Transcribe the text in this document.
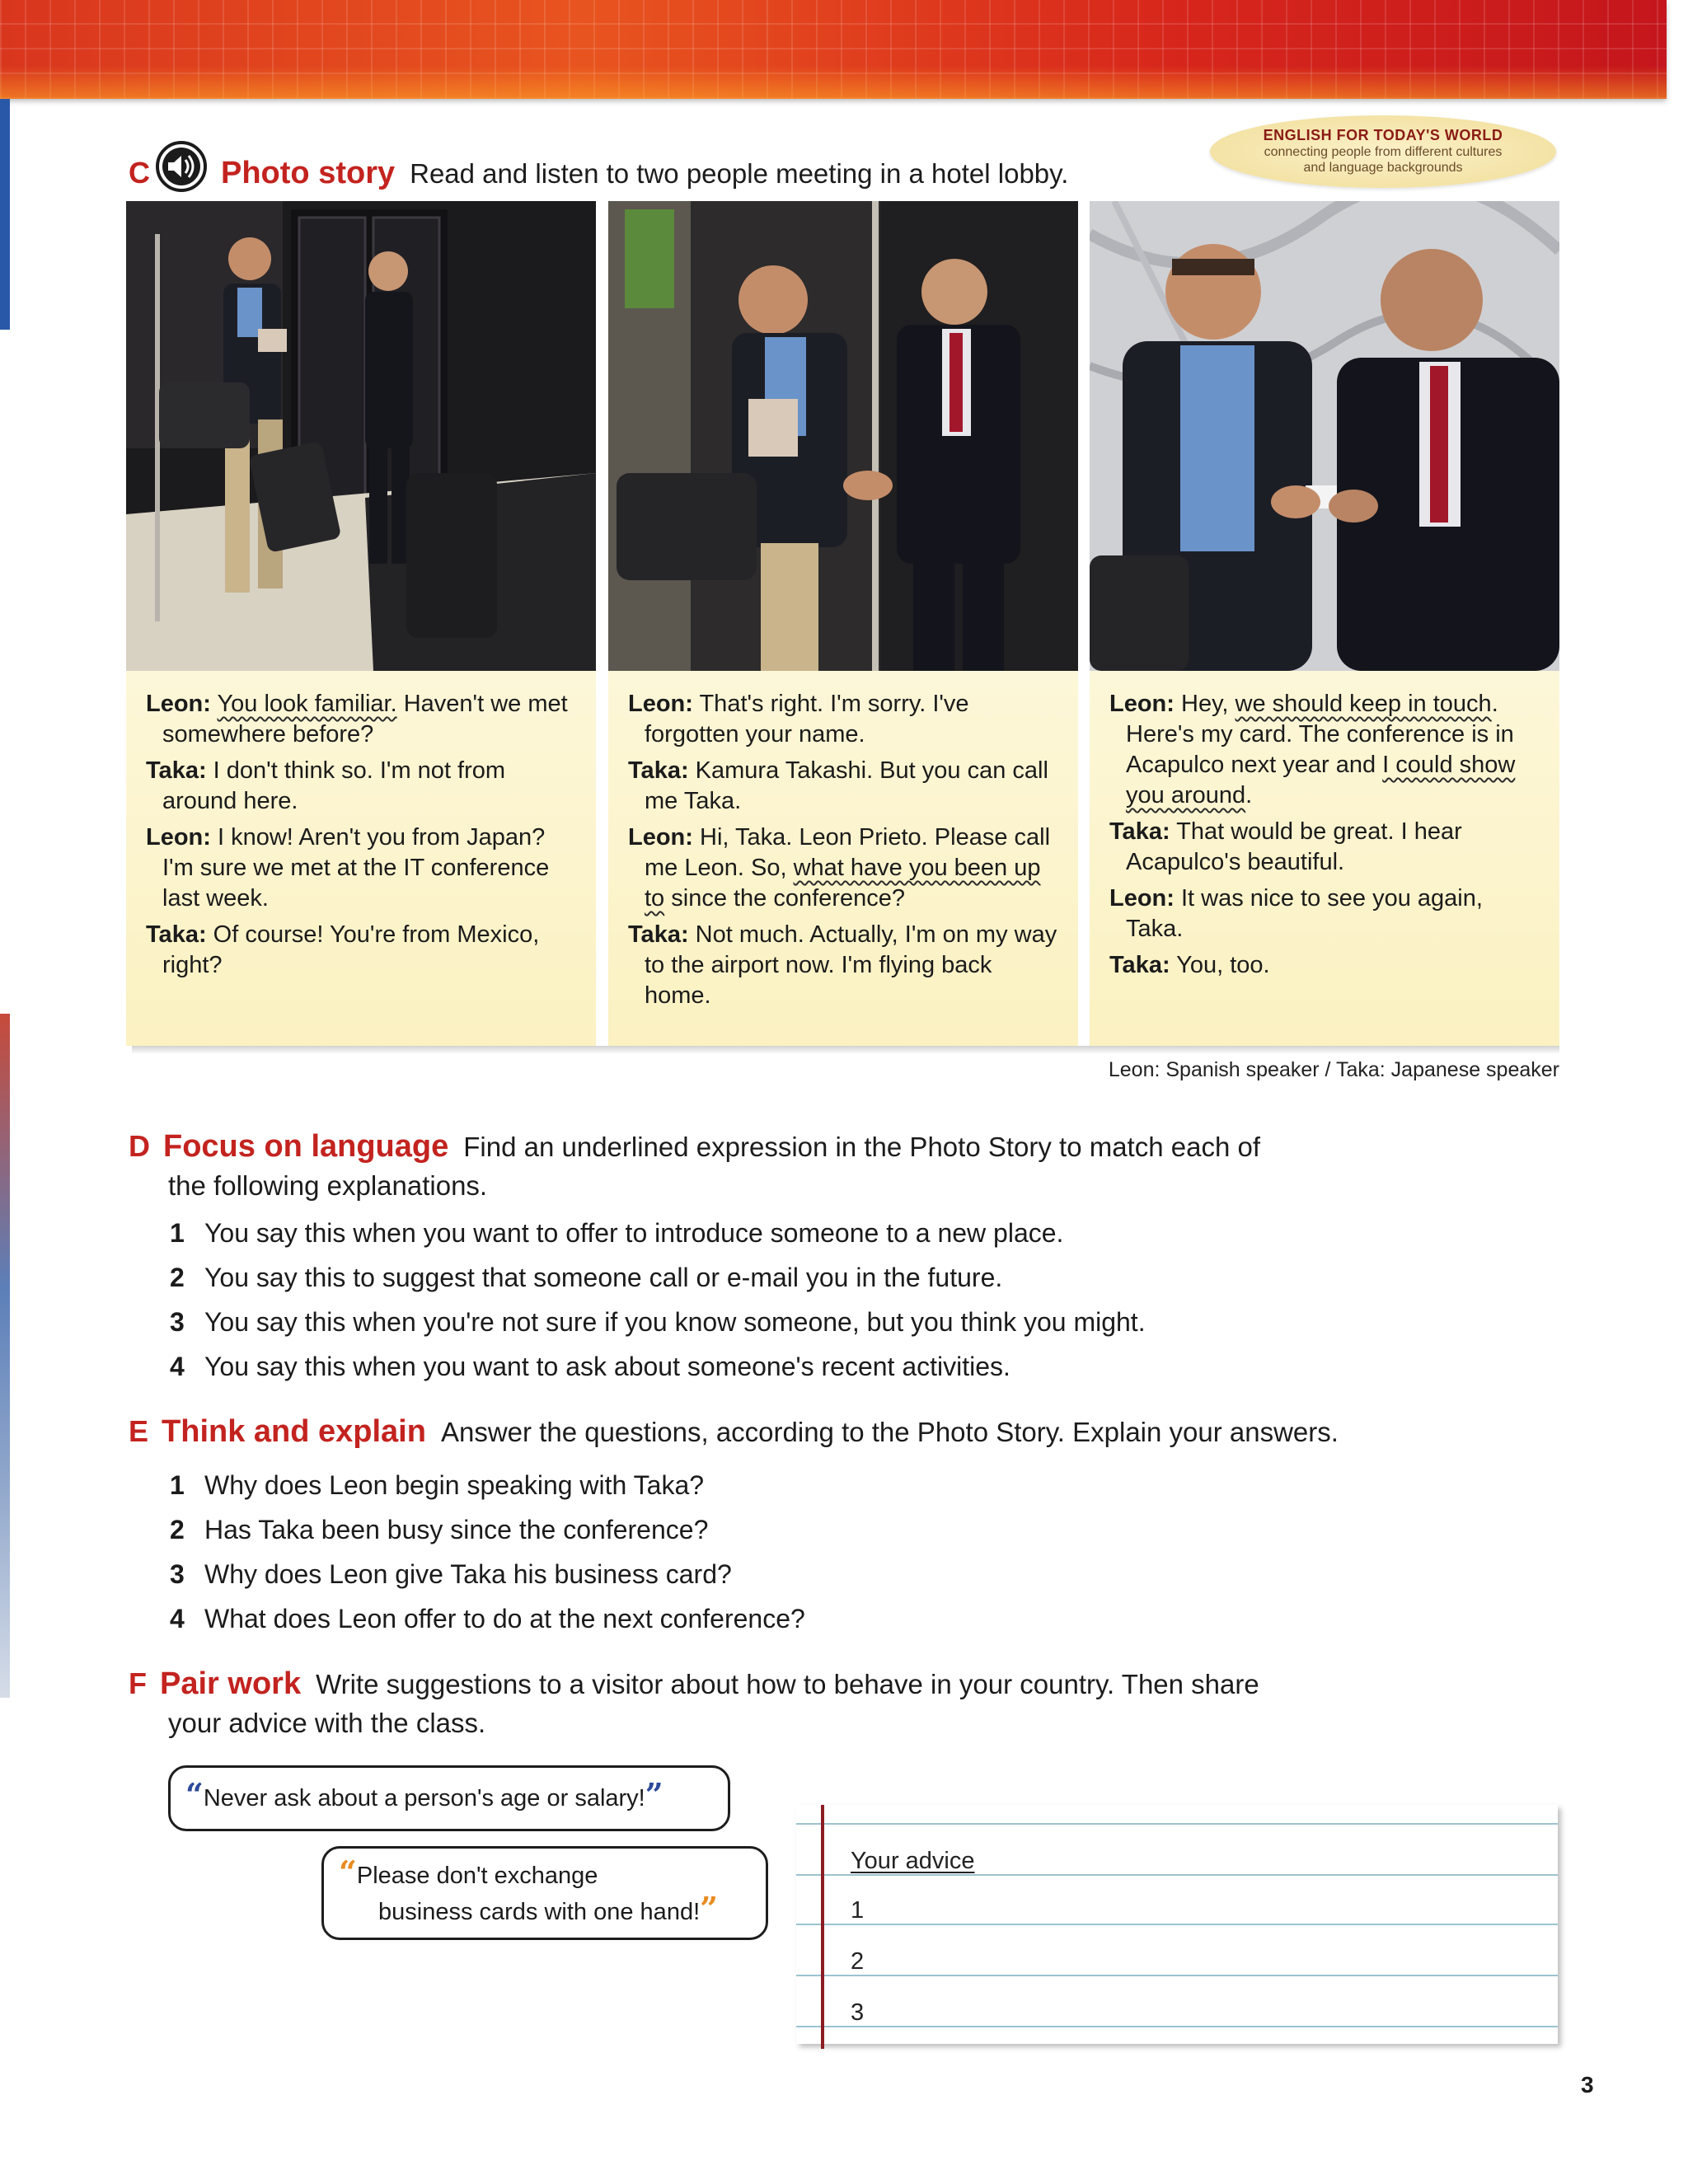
C Photo story Read and listen to two people meeting in a hotel lobby.
ENGLISH FOR TODAY'S WORLD
connecting people from different cultures
and language backgrounds
Leon: You look familiar. Haven't we met somewhere before?
Taka: I don't think so. I'm not from around here.
Leon: I know! Aren't you from Japan? I'm sure we met at the IT conference last week.
Taka: Of course! You're from Mexico, right?
Leon: That's right. I'm sorry. I've forgotten your name.
Taka: Kamura Takashi. But you can call me Taka.
Leon: Hi, Taka. Leon Prieto. Please call me Leon. So, what have you been up to since the conference?
Taka: Not much. Actually, I'm on my way to the airport now. I'm flying back home.
Leon: Hey, we should keep in touch. Here's my card. The conference is in Acapulco next year and I could show you around.
Taka: That would be great. I hear Acapulco's beautiful.
Leon: It was nice to see you again, Taka.
Taka: You, too.
Leon: Spanish speaker / Taka: Japanese speaker
D Focus on language Find an underlined expression in the Photo Story to match each of
the following explanations.
1 You say this when you want to offer to introduce someone to a new place.
2 You say this to suggest that someone call or e-mail you in the future.
3 You say this when you're not sure if you know someone, but you think you might.
4 You say this when you want to ask about someone's recent activities.
E Think and explain Answer the questions, according to the Photo Story. Explain your answers.
1 Why does Leon begin speaking with Taka?
2 Has Taka been busy since the conference?
3 Why does Leon give Taka his business card?
4 What does Leon offer to do at the next conference?
F Pair work Write suggestions to a visitor about how to behave in your country. Then share
your advice with the class.
“Never ask about a person's age or salary!”
“Please don't exchange
business cards with one hand!”
Your advice
1
2
3
3
